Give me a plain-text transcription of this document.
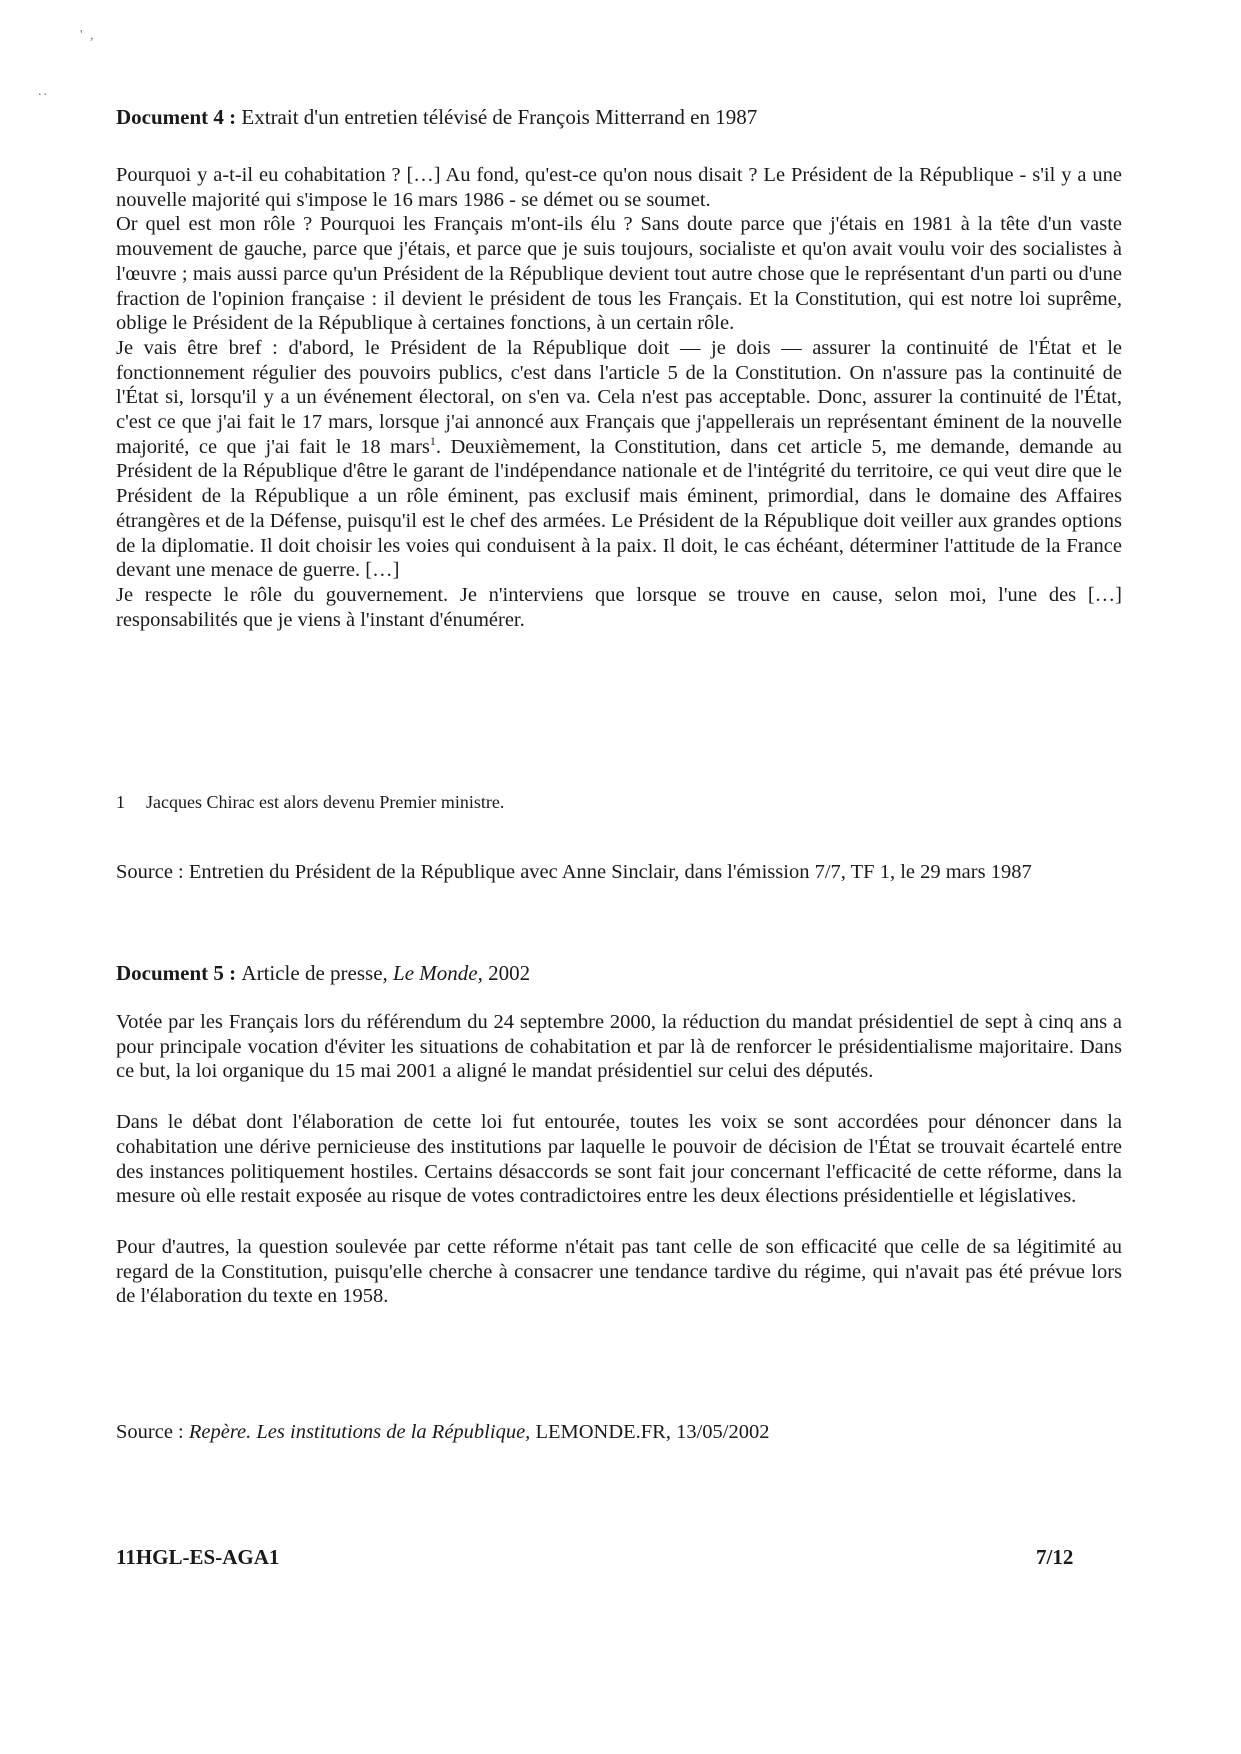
' ,
..
Document 4 : Extrait d'un entretien télévisé de François Mitterrand en 1987

Pourquoi y a-t-il eu cohabitation ? […] Au fond, qu'est-ce qu'on nous disait ? Le Président de la République - s'il y a une nouvelle majorité qui s'impose le 16 mars 1986 - se démet ou se soumet.

Or quel est mon rôle ? Pourquoi les Français m'ont-ils élu ? Sans doute parce que j'étais en 1981 à la tête d'un vaste mouvement de gauche, parce que j'étais, et parce que je suis toujours, socialiste et qu'on avait voulu voir des socialistes à l'œuvre ; mais aussi parce qu'un Président de la République devient tout autre chose que le représentant d'un parti ou d'une fraction de l'opinion française : il devient le président de tous les Français. Et la Constitution, qui est notre loi suprême, oblige le Président de la République à certaines fonctions, à un certain rôle.

Je vais être bref : d'abord, le Président de la République doit — je dois — assurer la continuité de l'État et le fonctionnement régulier des pouvoirs publics, c'est dans l'article 5 de la Constitution. On n'assure pas la continuité de l'État si, lorsqu'il y a un événement électoral, on s'en va. Cela n'est pas acceptable. Donc, assurer la continuité de l'État, c'est ce que j'ai fait le 17 mars, lorsque j'ai annoncé aux Français que j'appellerais un représentant éminent de la nouvelle majorité, ce que j'ai fait le 18 mars$^1$. Deuxièmement, la Constitution, dans cet article 5, me demande, demande au Président de la République d'être le garant de l'indépendance nationale et de l'intégrité du territoire, ce qui veut dire que le Président de la République a un rôle éminent, pas exclusif mais éminent, primordial, dans le domaine des Affaires étrangères et de la Défense, puisqu'il est le chef des armées. Le Président de la République doit veiller aux grandes options de la diplomatie. Il doit choisir les voies qui conduisent à la paix. Il doit, le cas échéant, déterminer l'attitude de la France devant une menace de guerre. […]

Je respecte le rôle du gouvernement. Je n'interviens que lorsque se trouve en cause, selon moi, l'une des […] responsabilités que je viens à l'instant d'énumérer.

1 Jacques Chirac est alors devenu Premier ministre.
Source : Entretien du Président de la République avec Anne Sinclair, dans l'émission 7/7, TF 1, le 29 mars 1987
Document 5 : Article de presse, Le Monde, 2002

Votée par les Français lors du référendum du 24 septembre 2000, la réduction du mandat présidentiel de sept à cinq ans a pour principale vocation d'éviter les situations de cohabitation et par là de renforcer le présidentialisme majoritaire. Dans ce but, la loi organique du 15 mai 2001 a aligné le mandat présidentiel sur celui des députés.

Dans le débat dont l'élaboration de cette loi fut entourée, toutes les voix se sont accordées pour dénoncer dans la cohabitation une dérive pernicieuse des institutions par laquelle le pouvoir de décision de l'État se trouvait écartelé entre des instances politiquement hostiles. Certains désaccords se sont fait jour concernant l'efficacité de cette réforme, dans la mesure où elle restait exposée au risque de votes contradictoires entre les deux élections présidentielle et législatives.

Pour d'autres, la question soulevée par cette réforme n'était pas tant celle de son efficacité que celle de sa légitimité au regard de la Constitution, puisqu'elle cherche à consacrer une tendance tardive du régime, qui n'avait pas été prévue lors de l'élaboration du texte en 1958.

Source : Repère. Les institutions de la République, LEMONDE.FR, 13/05/2002
11HGL-ES-AGA1	7/12
